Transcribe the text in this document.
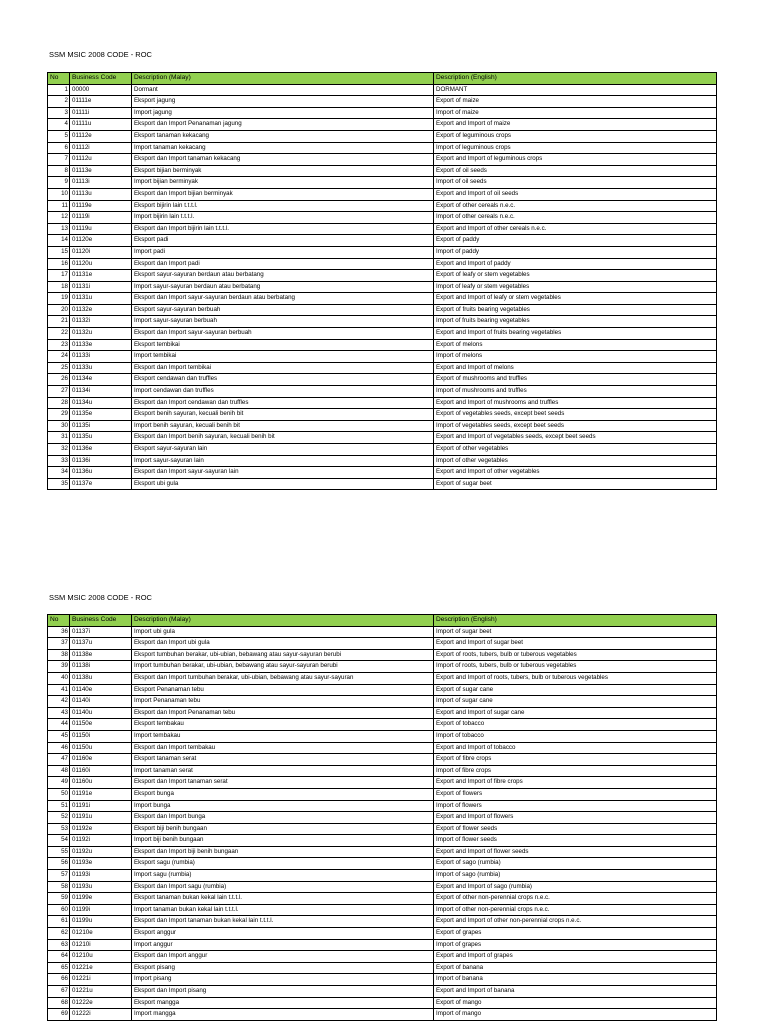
SSM MSIC 2008 CODE - ROC
No	Business Code	Description (Malay)	Description (English)
1	00000	Dormant	DORMANT
2	01111e	Eksport jagung	Export of maize
3	01111i	Import jagung	Import of maize
4	01111u	Eksport dan Import Penanaman jagung	Export and Import of maize
5	01112e	Eksport tanaman kekacang	Export of leguminous crops
6	01112i	Import tanaman kekacang	Import of leguminous crops
7	01112u	Eksport dan Import tanaman kekacang	Export and Import of leguminous crops
8	01113e	Eksport bijian berminyak	Export of oil seeds
9	01113i	Import bijian berminyak	Import of oil seeds
10	01113u	Eksport dan Import bijian berminyak	Export and Import of oil seeds
11	01119e	Eksport bijirin lain t.t.t.l.	Export of other cereals n.e.c.
12	01119i	Import bijirin lain t.t.t.l.	Import of other cereals n.e.c.
13	01119u	Eksport dan Import bijirin lain t.t.t.l.	Export and Import of other cereals n.e.c.
14	01120e	Eksport padi	Export of paddy
15	01120i	Import padi	Import of paddy
16	01120u	Eksport dan Import padi	Export and Import of paddy
17	01131e	Eksport sayur-sayuran berdaun atau berbatang	Export of leafy or stem vegetables
18	01131i	Import sayur-sayuran berdaun atau berbatang	Import of leafy or stem vegetables
19	01131u	Eksport dan Import sayur-sayuran berdaun atau berbatang	Export and Import of leafy or stem vegetables
20	01132e	Eksport sayur-sayuran berbuah	Export of fruits bearing vegetables
21	01132i	Import sayur-sayuran berbuah	Import of fruits bearing vegetables
22	01132u	Eksport dan Import sayur-sayuran berbuah	Export and Import of fruits bearing vegetables
23	01133e	Eksport tembikai	Export of melons
24	01133i	Import tembikai	Import of melons
25	01133u	Eksport dan Import tembikai	Export and Import of melons
26	01134e	Eksport cendawan dan truffles	Export of mushrooms and truffles
27	01134i	Import cendawan dan truffles	Import of mushrooms and truffles
28	01134u	Eksport dan Import cendawan dan truffles	Export and Import of mushrooms and truffles
29	01135e	Eksport benih sayuran, kecuali benih bit	Export of vegetables seeds, except beet seeds
30	01135i	Import benih sayuran, kecuali benih bit	Import of vegetables seeds, except beet seeds
31	01135u	Eksport dan Import benih sayuran, kecuali benih bit	Export and Import of vegetables seeds, except beet seeds
32	01136e	Eksport sayur-sayuran lain	Export of other vegetables
33	01136i	Import sayur-sayuran lain	Import of other vegetables
34	01136u	Eksport dan Import sayur-sayuran lain	Export and Import of other vegetables
35	01137e	Eksport ubi gula	Export of sugar beet
SSM MSIC 2008 CODE - ROC
No	Business Code	Description (Malay)	Description (English)
36	01137i	Import ubi gula	Import of sugar beet
37	01137u	Eksport dan Import ubi gula	Export and Import of sugar beet
38	01138e	Eksport tumbuhan berakar, ubi-ubian, bebawang atau sayur-sayuran berubi	Export of roots, tubers, bulb or tuberous vegetables
39	01138i	Import tumbuhan berakar, ubi-ubian, bebawang atau sayur-sayuran berubi	Import of roots, tubers, bulb or tuberous vegetables
40	01138u	Eksport dan Import tumbuhan berakar, ubi-ubian, bebawang atau sayur-sayuran	Export and Import of roots, tubers, bulb or tuberous vegetables
41	01140e	Eksport Penanaman tebu	Export of sugar cane
42	01140i	Import Penanaman tebu	Import of sugar cane
43	01140u	Eksport dan Import Penanaman tebu	Export and Import of sugar cane
44	01150e	Eksport tembakau	Export of tobacco
45	01150i	Import tembakau	Import of tobacco
46	01150u	Eksport dan Import tembakau	Export and Import of tobacco
47	01160e	Eksport tanaman serat	Export of fibre crops
48	01160i	Import tanaman serat	Import of fibre crops
49	01160u	Eksport dan Import tanaman serat	Export and Import of fibre crops
50	01191e	Eksport bunga	Export of flowers
51	01191i	Import bunga	Import of flowers
52	01191u	Eksport dan Import bunga	Export and Import of flowers
53	01192e	Eksport biji benih bungaan	Export of flower seeds
54	01192i	Import biji benih bungaan	Import of flower seeds
55	01192u	Eksport dan Import biji benih bungaan	Export and Import of flower seeds
56	01193e	Eksport sagu (rumbia)	Export of sago (rumbia)
57	01193i	Import sagu (rumbia)	Import of sago (rumbia)
58	01193u	Eksport dan Import sagu (rumbia)	Export and Import of sago (rumbia)
59	01199e	Eksport tanaman bukan kekal lain t.t.t.l.	Export of other non-perennial crops n.e.c.
60	01199i	Import tanaman bukan kekal lain t.t.t.l.	Import of other non-perennial crops n.e.c.
61	01199u	Eksport dan Import tanaman bukan kekal lain t.t.t.l.	Export and Import of other non-perennial crops n.e.c.
62	01210e	Eksport anggur	Export of grapes
63	01210i	Import anggur	Import of grapes
64	01210u	Eksport dan Import anggur	Export and Import of grapes
65	01221e	Eksport pisang	Export of banana
66	01221i	Import pisang	Import of banana
67	01221u	Eksport dan Import pisang	Export and Import of banana
68	01222e	Eksport mangga	Export of mango
69	01222i	Import mangga	Import of mango
